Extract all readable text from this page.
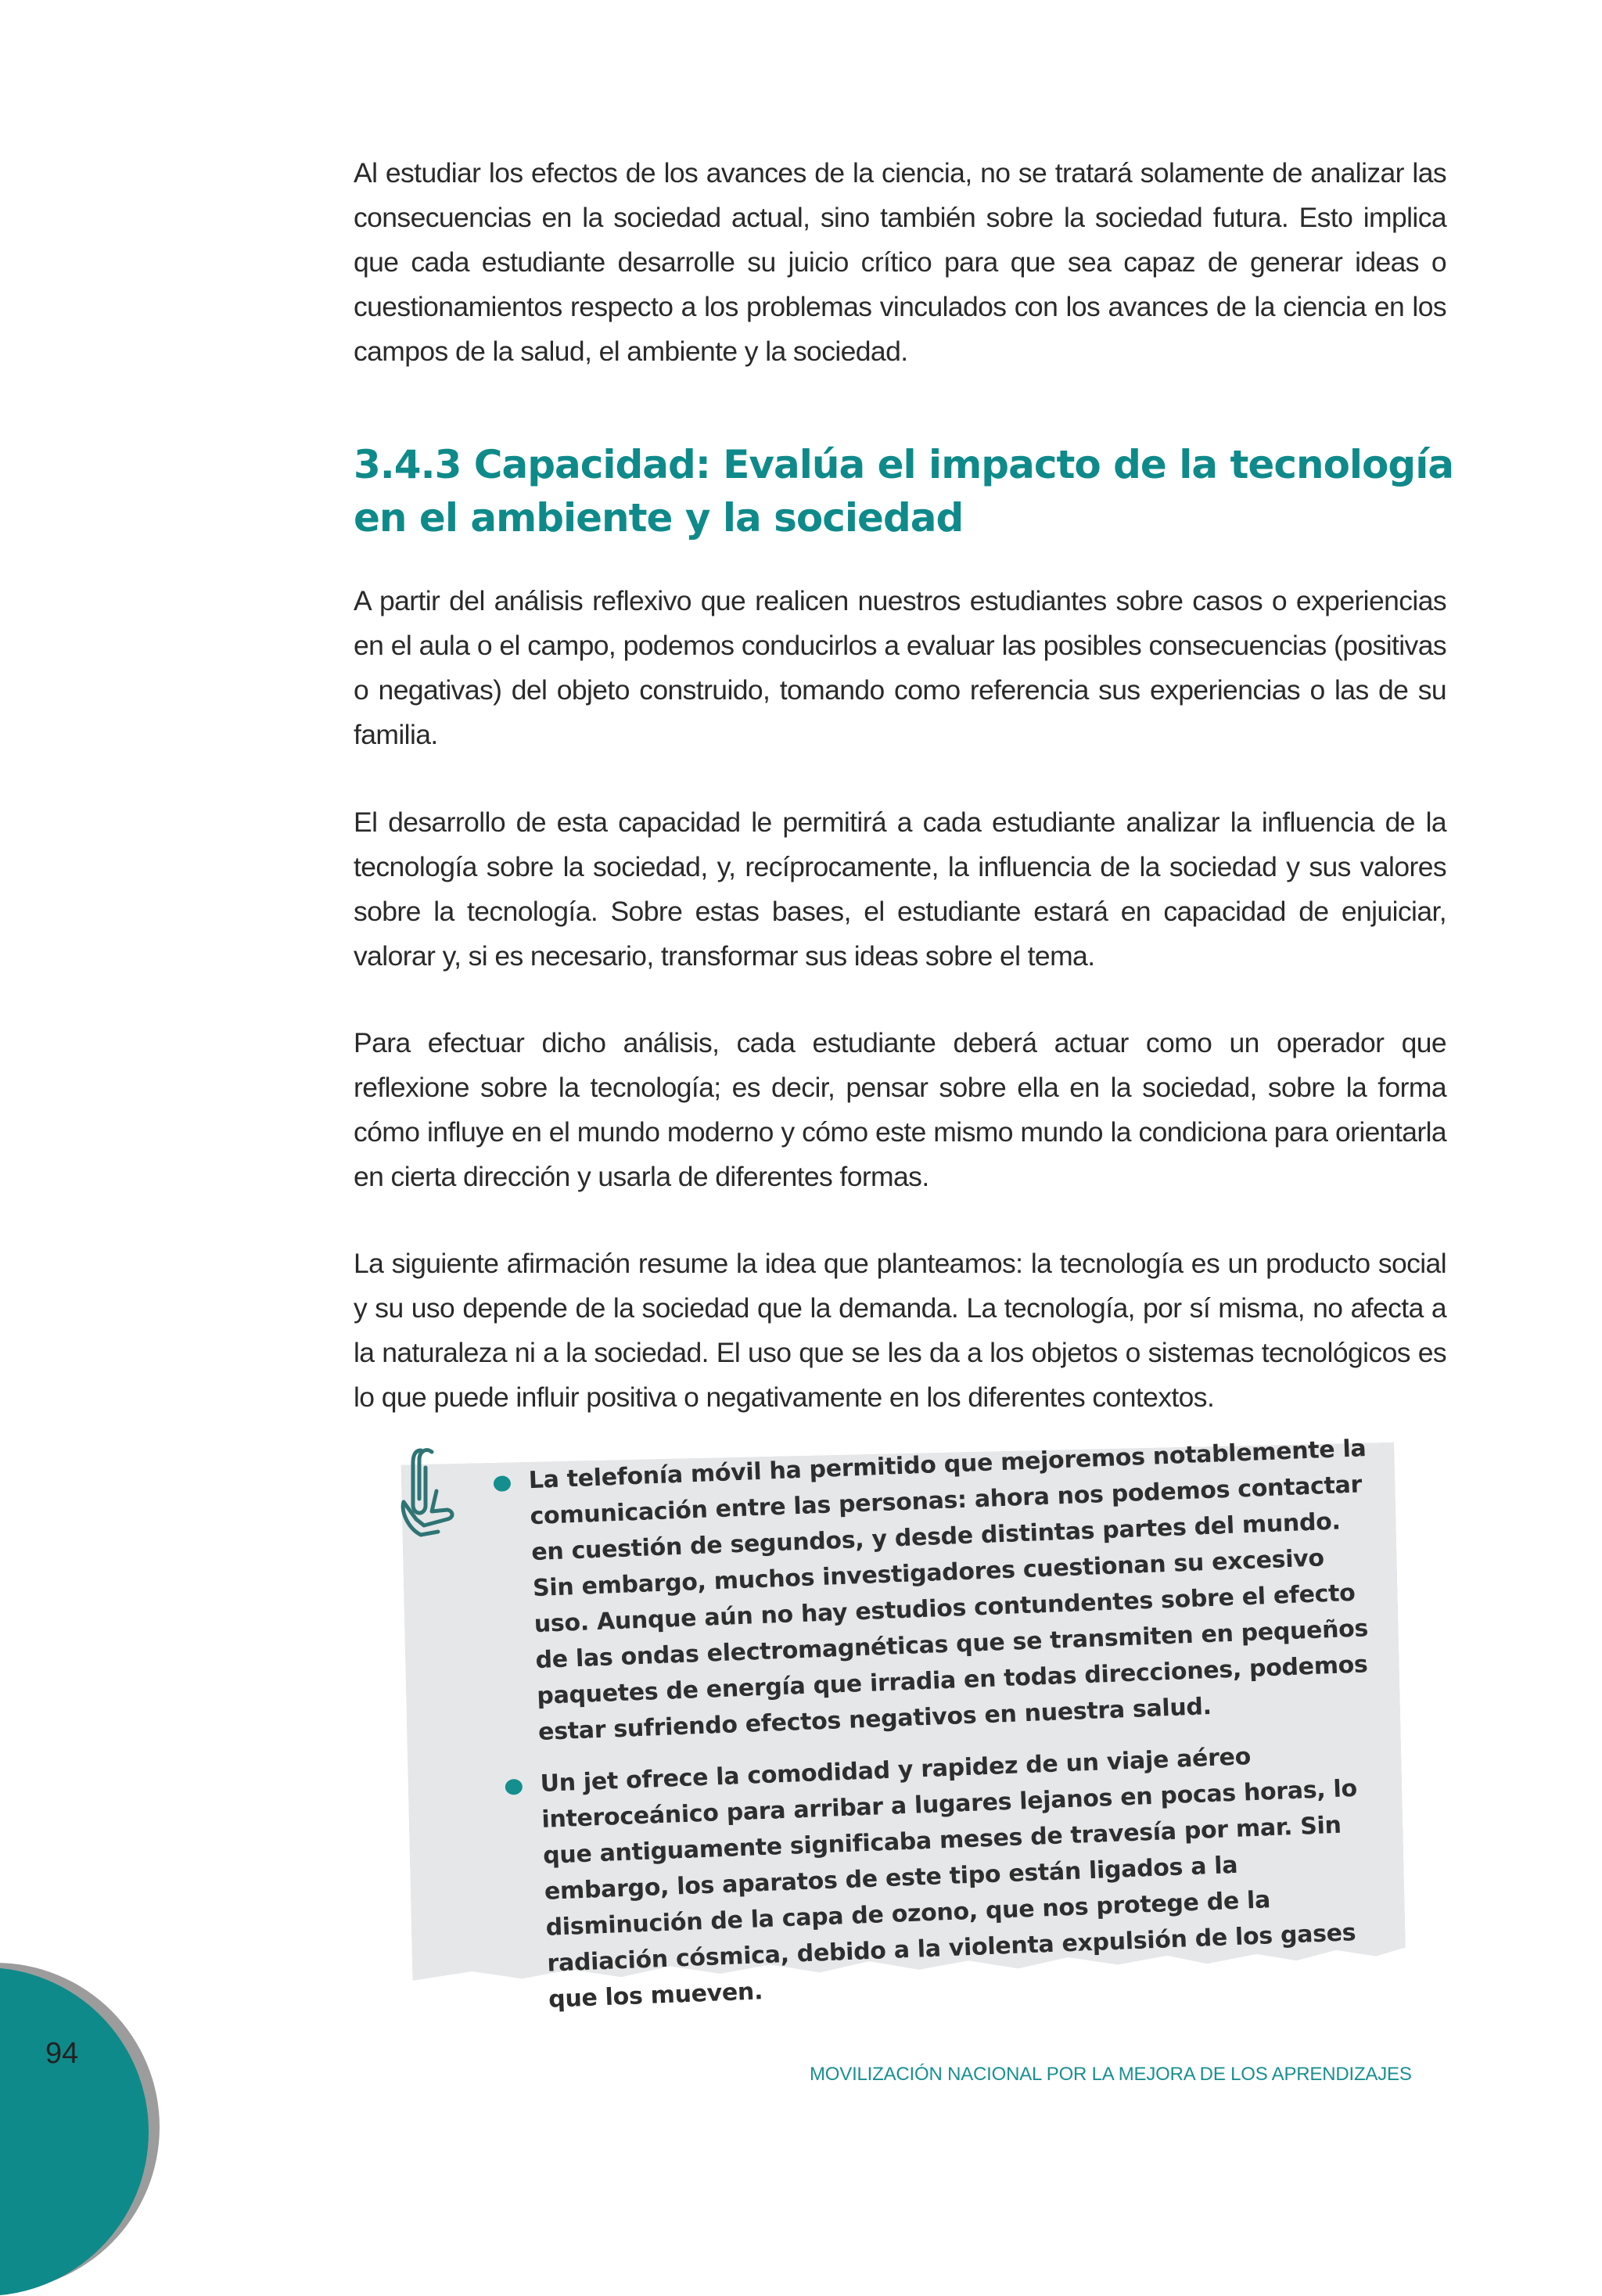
Al estudiar los efectos de los avances de la ciencia, no se tratará solamente de analizar las consecuencias en la sociedad actual, sino también sobre la sociedad futura. Esto implica que cada estudiante desarrolle su juicio crítico para que sea capaz de generar ideas o cuestionamientos respecto a los problemas vinculados con los avances de la ciencia en los campos de la salud, el ambiente y la sociedad.

3.4.3 Capacidad: Evalúa el impacto de la tecnología en el ambiente y la sociedad

A partir del análisis reflexivo que realicen nuestros estudiantes sobre casos o experiencias en el aula o el campo, podemos conducirlos a evaluar las posibles consecuencias (positivas o negativas) del objeto construido, tomando como referencia sus experiencias o las de su familia.

El desarrollo de esta capacidad le permitirá a cada estudiante analizar la influencia de la tecnología sobre la sociedad, y, recíprocamente, la influencia de la sociedad y sus valores sobre la tecnología. Sobre estas bases, el estudiante estará en capacidad de enjuiciar, valorar y, si es necesario, transformar sus ideas sobre el tema.

Para efectuar dicho análisis, cada estudiante deberá actuar como un operador que reflexione sobre la tecnología; es decir, pensar sobre ella en la sociedad, sobre la forma cómo influye en el mundo moderno y cómo este mismo mundo la condiciona para orientarla en cierta dirección y usarla de diferentes formas.

La siguiente afirmación resume la idea que planteamos: la tecnología es un producto social y su uso depende de la sociedad que la demanda. La tecnología, por sí misma, no afecta a la naturaleza ni a la sociedad. El uso que se les da a los objetos o sistemas tecnológicos es lo que puede influir positiva o negativamente en los diferentes contextos.

La telefonía móvil ha permitido que mejoremos notablemente la comunicación entre las personas: ahora nos podemos contactar en cuestión de segundos, y desde distintas partes del mundo. Sin embargo, muchos investigadores cuestionan su excesivo uso. Aunque aún no hay estudios contundentes sobre el efecto de las ondas electromagnéticas que se transmiten en pequeños paquetes de energía que irradia en todas direcciones, podemos estar sufriendo efectos negativos en nuestra salud.

Un jet ofrece la comodidad y rapidez de un viaje aéreo interoceánico para arribar a lugares lejanos en pocas horas, lo que antiguamente significaba meses de travesía por mar. Sin embargo, los aparatos de este tipo están ligados a la disminución de la capa de ozono, que nos protege de la radiación cósmica, debido a la violenta expulsión de los gases que los mueven.

94
MOVILIZACIÓN NACIONAL POR LA MEJORA DE LOS APRENDIZAJES
